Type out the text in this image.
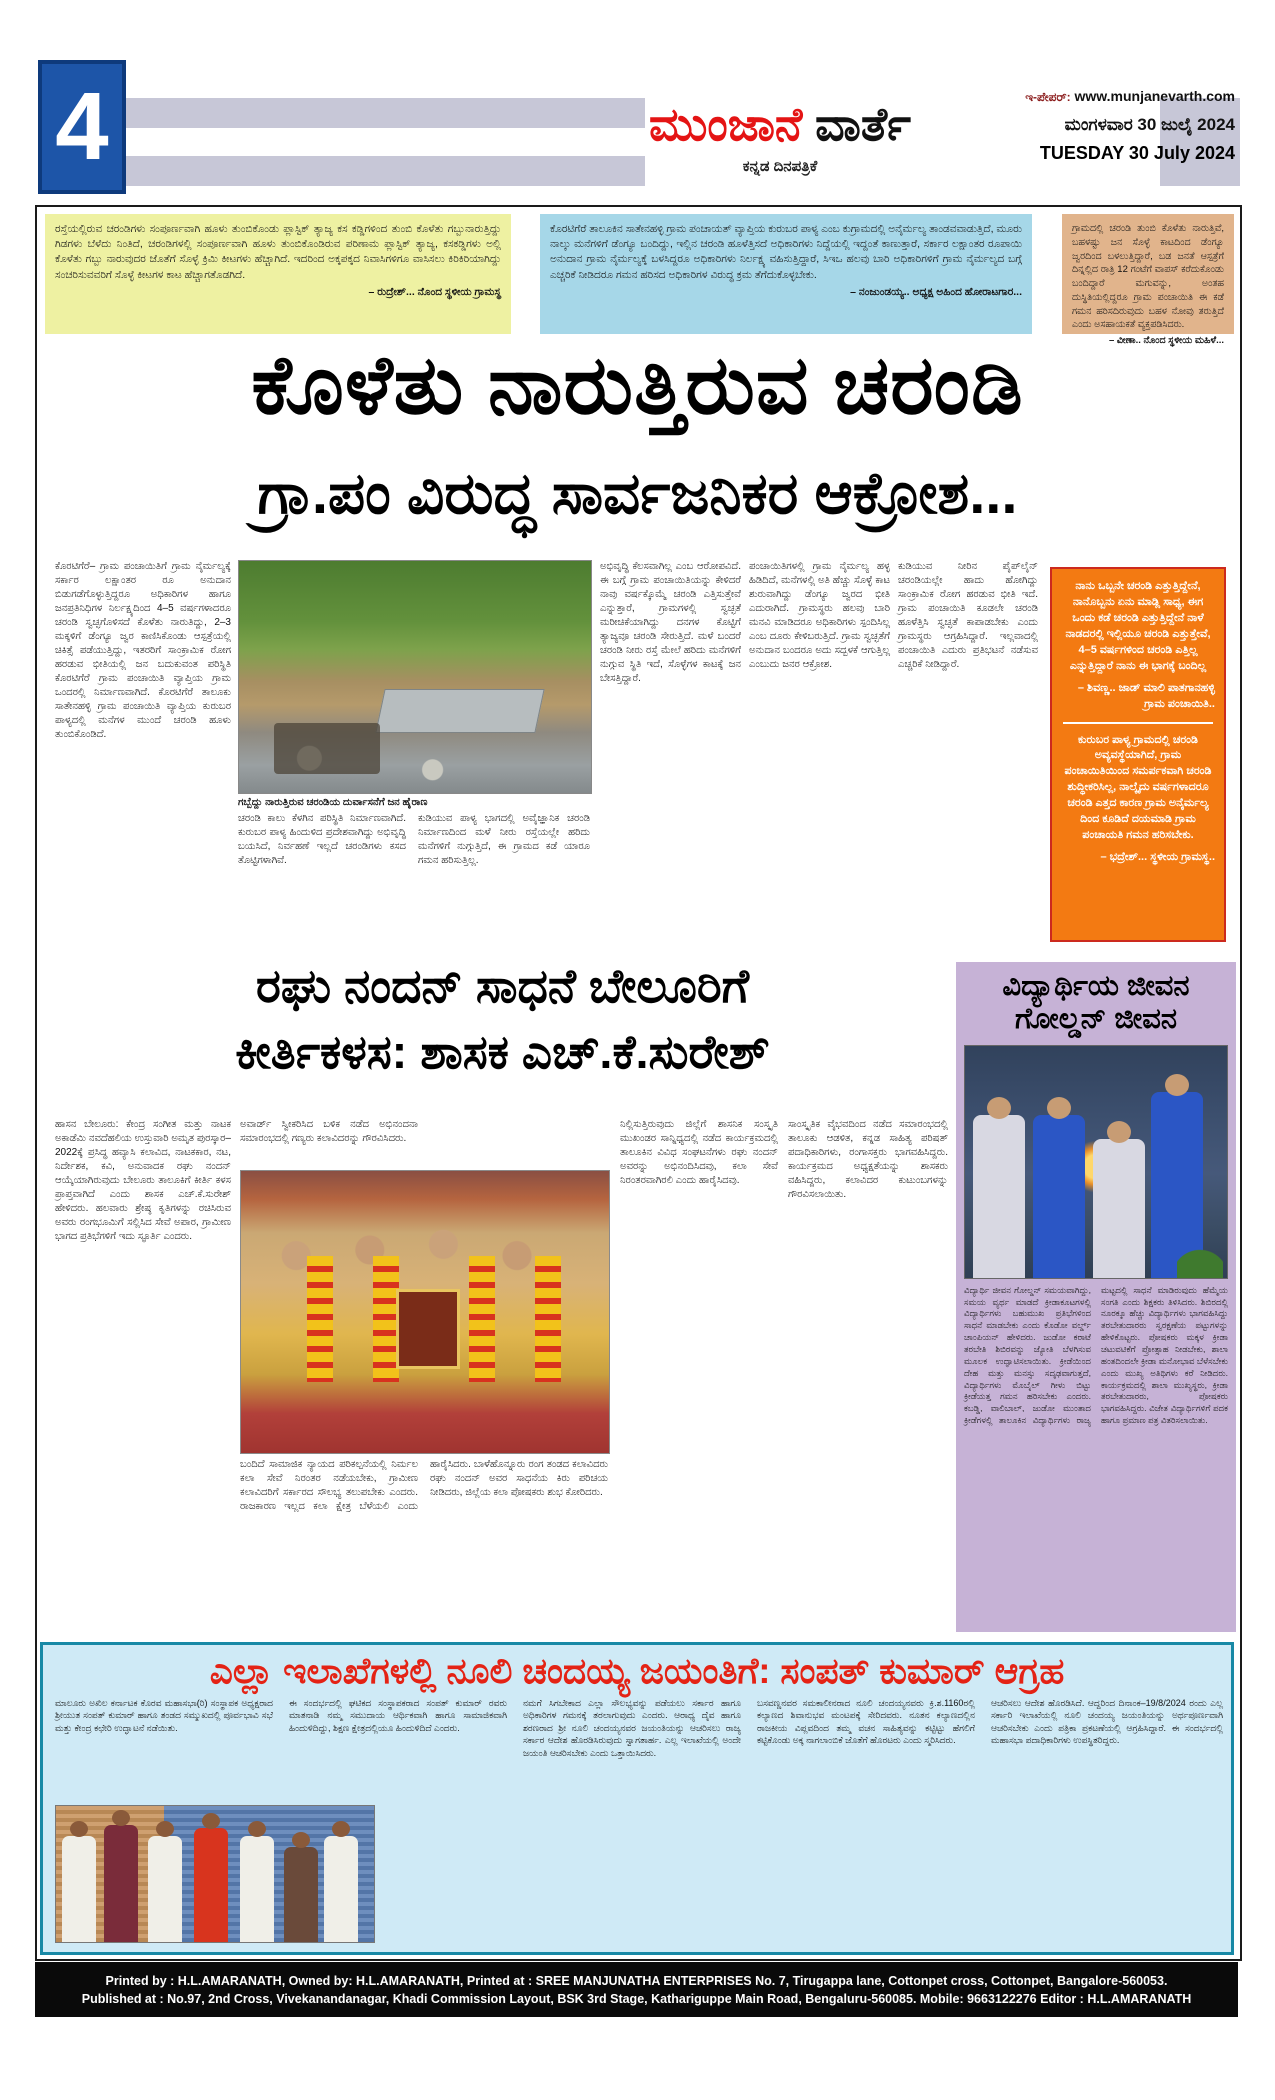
4	ಮುಂಜಾನೆ ವಾರ್ತೆ
ಕನ್ನಡ ದಿನಪತ್ರಿಕೆ
ಇ-ಪೇಪರ್: www.munjanevarth.com
ಮಂಗಳವಾರ 30 ಜುಲೈ 2024
TUESDAY 30 July 2024
ರಸ್ತೆಯಲ್ಲಿರುವ ಚರಂಡಿಗಳು ಸಂಪೂರ್ಣವಾಗಿ ಹೂಳು ತುಂಬಿಕೊಂಡು ಪ್ಲಾಸ್ಟಿಕ್ ತ್ಯಾಜ್ಯ ಕಸ ಕಡ್ಡಿಗಳಿಂದ ತುಂಬಿ ಕೊಳೆತು ಗಬ್ಬುನಾರುತ್ತಿದ್ದು ಗಿಡಗಳು ಬೆಳೆದು ನಿಂತಿದೆ, ಚರಂಡಿಗಳಲ್ಲಿ ಸಂಪೂರ್ಣವಾಗಿ ಹೂಳು ತುಂಬಿಕೊಂಡಿರುವ ಪರಿಣಾಮ ಪ್ಲಾಸ್ಟಿಕ್ ತ್ಯಾಜ್ಯ, ಕಸಕಡ್ಡಿಗಳು ಅಲ್ಲಿ ಕೊಳೆತು ಗಬ್ಬು ನಾರುವುದರ ಜೊತೆಗೆ ಸೊಳ್ಳೆ ಕ್ರಿಮಿ ಕೀಟಗಳು ಹೆಚ್ಚಾಗಿದೆ. ಇದರಿಂದ ಅಕ್ಕಪಕ್ಕದ ನಿವಾಸಿಗಳಿಗೂ ವಾಸಿಸಲು ಕಿರಿಕಿರಿಯಾಗಿದ್ದು ಸಂಚರಿಸುವವರಿಗೆ ಸೊಳ್ಳೆ ಕೀಟಗಳ ಕಾಟ ಹೆಚ್ಚಾಗತೊಡಗಿದೆ.
– ರುದ್ರೇಶ್... ನೊಂದ ಸ್ಥಳೀಯ ಗ್ರಾಮಸ್ಥ
ಕೊರಟಿಗೆರೆ ತಾಲೂಕಿನ ಸಾತೇನಹಳ್ಳಿ ಗ್ರಾಮ ಪಂಚಾಯತ್ ವ್ಯಾಪ್ತಿಯ ಕುರುಬರ ಪಾಳ್ಯ ಎಂಬ ಕುಗ್ರಾಮದಲ್ಲಿ ಅನೈರ್ಮಲ್ಯ ತಾಂಡವವಾಡುತ್ತಿದೆ, ಮೂರು ನಾಲ್ಕು ಮನೆಗಳಿಗೆ ಡೆಂಗ್ಯೂ ಬಂದಿದ್ದು, ಇಲ್ಲಿನ ಚರಂಡಿ ಹೂಳೆತ್ತಿಸದೆ ಅಧಿಕಾರಿಗಳು ನಿದ್ದೆಯಲ್ಲಿ ಇದ್ದಂತೆ ಕಾಣುತ್ತಾರೆ, ಸರ್ಕಾರ ಲಕ್ಷಾಂತರ ರೂಪಾಯಿ ಅನುದಾನ ಗ್ರಾಮ ನೈರ್ಮಲ್ಯಕ್ಕೆ ಬಳಸಿದ್ದರೂ ಅಧಿಕಾರಿಗಳು ನಿರ್ಲಕ್ಷ್ಯ ವಹಿಸುತ್ತಿದ್ದಾರೆ, ಸಿಇಒ ಹಲವು ಬಾರಿ ಅಧಿಕಾರಿಗಳಿಗೆ ಗ್ರಾಮ ನೈರ್ಮಲ್ಯದ ಬಗ್ಗೆ ಎಚ್ಚರಿಕೆ ನೀಡಿದರೂ ಗಮನ ಹರಿಸದ ಅಧಿಕಾರಿಗಳ ವಿರುದ್ಧ ಕ್ರಮ ತೆಗೆದುಕೊಳ್ಳಬೇಕು.
– ನಂಜುಂಡಯ್ಯ.. ಅಧ್ಯಕ್ಷ ಅಹಿಂದ ಹೋರಾಟಗಾರ...
ಗ್ರಾಮದಲ್ಲಿ ಚರಂಡಿ ತುಂಬಿ ಕೊಳೆತು ನಾರುತ್ತಿವೆ, ಬಹಳಷ್ಟು ಜನ ಸೊಳ್ಳೆ ಕಾಟದಿಂದ ಡೆಂಗ್ಯೂ ಜ್ವರದಿಂದ ಬಳಲುತ್ತಿದ್ದಾರೆ, ಬಡ ಜನತೆ ಆಸ್ಪತ್ರೆಗೆ ದಿನ್ನಲ್ಲಿದ ರಾತ್ರಿ 12 ಗಂಟೆಗೆ ವಾಪಸ್ ಕರೆದುಕೊಂಡು ಬಂದಿದ್ದಾರೆ ಮಗುವನ್ನು, ಅಂತಹ ದುಸ್ಥಿತಿಯಲ್ಲಿದ್ದರೂ ಗ್ರಾಮ ಪಂಚಾಯಿತಿ ಈ ಕಡೆ ಗಮನ ಹರಿಸದಿರುವುದು ಬಹಳ ನೋವು ತರುತ್ತಿದೆ ಎಂದು ಅಸಹಾಯಕತೆ ವ್ಯಕ್ತಪಡಿಸಿದರು.
– ವೀಣಾ.. ನೊಂದ ಸ್ಥಳೀಯ ಮಹಿಳೆ...
ಕೊಳೆತು ನಾರುತ್ತಿರುವ ಚರಂಡಿ
ಗ್ರಾ.ಪಂ ವಿರುದ್ಧ ಸಾರ್ವಜನಿಕರ ಆಕ್ರೋಶ...
ಕೊರಟಿಗೆರೆ– ಗ್ರಾಮ ಪಂಚಾಯಿತಿಗೆ ಗ್ರಾಮ ನೈರ್ಮಲ್ಯಕ್ಕೆ ಸರ್ಕಾರ ಲಕ್ಷಾಂತರ ರೂ ಅನುದಾನ ಬಿಡುಗಡೆಗೊಳ್ಳುತ್ತಿದ್ದರೂ ಅಧಿಕಾರಿಗಳ ಹಾಗೂ ಜನಪ್ರತಿನಿಧಿಗಳ ನಿರ್ಲಕ್ಷ್ಯದಿಂದ 4–5 ವರ್ಷಗಳಾದರೂ ಚರಂಡಿ ಸ್ವಚ್ಛಗೊಳಿಸದೆ ಕೊಳೆತು ನಾರುತಿದ್ದು, 2–3 ಮಕ್ಕಳಿಗೆ ಡೆಂಗ್ಯೂ ಜ್ವರ ಕಾಣಿಸಿಕೊಂಡು ಆಸ್ಪತ್ರೆಯಲ್ಲಿ ಚಿಕಿತ್ಸೆ ಪಡೆಯುತ್ತಿದ್ದು, ಇತರರಿಗೆ ಸಾಂಕ್ರಾಮಿಕ ರೋಗ ಹರಡುವ ಭೀತಿಯಲ್ಲಿ ಜನ ಬದುಕುವಂತ ಪರಿಸ್ಥಿತಿ ಕೊರಟಿಗೆರೆ ಗ್ರಾಮ ಪಂಚಾಯಿತಿ ವ್ಯಾಪ್ತಿಯ ಗ್ರಾಮ ಒಂದರಲ್ಲಿ ನಿರ್ಮಾಣವಾಗಿದೆ. ಕೊರಟಿಗೆರೆ ತಾಲೂಕು ಸಾತೇನಹಳ್ಳಿ ಗ್ರಾಮ ಪಂಚಾಯಿತಿ ವ್ಯಾಪ್ತಿಯ ಕುರುಬರ ಪಾಳ್ಯದಲ್ಲಿ ಮನೆಗಳ ಮುಂದೆ ಚರಂಡಿ ಹೂಳು ತುಂಬಿಕೊಂಡಿದೆ.
ಗಬ್ಬೆದ್ದು ನಾರುತ್ತಿರುವ ಚರಂಡಿಯ ದುರ್ವಾಸನೆಗೆ ಜನ ಹೈರಾಣ
ಚರಂಡಿ ಕಾಲು ಕೆಳಗಿನ ಪರಿಸ್ಥಿತಿ ನಿರ್ಮಾಣವಾಗಿದೆ. ಕುರುಬರ ಪಾಳ್ಯ ಹಿಂದುಳಿದ ಪ್ರದೇಶವಾಗಿದ್ದು ಅಭಿವೃದ್ಧಿ ಬಯಸಿದೆ, ನಿರ್ವಹಣೆ ಇಲ್ಲದೆ ಚರಂಡಿಗಳು ಕಸದ ತೊಟ್ಟಿಗಳಾಗಿವೆ.
ಕುಡಿಯುವ ಪಾಳ್ಯ ಭಾಗದಲ್ಲಿ ಅವೈಜ್ಞಾನಿಕ ಚರಂಡಿ ನಿರ್ಮಾಣದಿಂದ ಮಳೆ ನೀರು ರಸ್ತೆಯಲ್ಲೇ ಹರಿದು ಮನೆಗಳಿಗೆ ನುಗ್ಗುತ್ತಿದೆ, ಈ ಗ್ರಾಮದ ಕಡೆ ಯಾರೂ ಗಮನ ಹರಿಸುತ್ತಿಲ್ಲ.
ಅಭಿವೃದ್ಧಿ ಕೆಲಸವಾಗಿಲ್ಲ ಎಂಬ ಆರೋಪವಿದೆ. ಈ ಬಗ್ಗೆ ಗ್ರಾಮ ಪಂಚಾಯಿತಿಯನ್ನು ಕೇಳಿದರೆ ನಾವು ವರ್ಷಕ್ಕೊಮ್ಮೆ ಚರಂಡಿ ಎತ್ತಿಸುತ್ತೇವೆ ಎನ್ನುತ್ತಾರೆ, ಗ್ರಾಮಗಳಲ್ಲಿ ಸ್ವಚ್ಛತೆ ಮರೀಚಿಕೆಯಾಗಿದ್ದು ದನಗಳ ಕೊಟ್ಟಿಗೆ ತ್ಯಾಜ್ಯವೂ ಚರಂಡಿ ಸೇರುತ್ತಿದೆ. ಮಳೆ ಬಂದರೆ ಚರಂಡಿ ನೀರು ರಸ್ತೆ ಮೇಲೆ ಹರಿದು ಮನೆಗಳಿಗೆ ನುಗ್ಗುವ ಸ್ಥಿತಿ ಇದೆ, ಸೊಳ್ಳೆಗಳ ಕಾಟಕ್ಕೆ ಜನ ಬೇಸತ್ತಿದ್ದಾರೆ.
ಪಂಚಾಯಿತಿಗಳಲ್ಲಿ ಗ್ರಾಮ ನೈರ್ಮಲ್ಯ ಹಳ್ಳ ಹಿಡಿದಿದೆ, ಮನೆಗಳಲ್ಲಿ ಅತಿ ಹೆಚ್ಚು ಸೊಳ್ಳೆ ಕಾಟ ಶುರುವಾಗಿದ್ದು ಡೆಂಗ್ಯೂ ಜ್ವರದ ಭೀತಿ ಎದುರಾಗಿದೆ. ಗ್ರಾಮಸ್ಥರು ಹಲವು ಬಾರಿ ಮನವಿ ಮಾಡಿದರೂ ಅಧಿಕಾರಿಗಳು ಸ್ಪಂದಿಸಿಲ್ಲ ಎಂಬ ದೂರು ಕೇಳಿಬರುತ್ತಿದೆ. ಗ್ರಾಮ ಸ್ವಚ್ಛತೆಗೆ ಅನುದಾನ ಬಂದರೂ ಅದು ಸದ್ಬಳಕೆ ಆಗುತ್ತಿಲ್ಲ ಎಂಬುದು ಜನರ ಆಕ್ರೋಶ.
ಕುಡಿಯುವ ನೀರಿನ ಪೈಪ್‌ಲೈನ್ ಚರಂಡಿಯಲ್ಲೇ ಹಾದು ಹೋಗಿದ್ದು ಸಾಂಕ್ರಾಮಿಕ ರೋಗ ಹರಡುವ ಭೀತಿ ಇದೆ. ಗ್ರಾಮ ಪಂಚಾಯಿತಿ ಕೂಡಲೇ ಚರಂಡಿ ಹೂಳೆತ್ತಿಸಿ ಸ್ವಚ್ಛತೆ ಕಾಪಾಡಬೇಕು ಎಂದು ಗ್ರಾಮಸ್ಥರು ಆಗ್ರಹಿಸಿದ್ದಾರೆ. ಇಲ್ಲವಾದಲ್ಲಿ ಪಂಚಾಯಿತಿ ಎದುರು ಪ್ರತಿಭಟನೆ ನಡೆಸುವ ಎಚ್ಚರಿಕೆ ನೀಡಿದ್ದಾರೆ.
ನಾನು ಒಬ್ಬನೇ ಚರಂಡಿ ಎತ್ತುತ್ತಿದ್ದೇನೆ, ನಾನೊಬ್ಬನು ಏನು ಮಾಡ್ಲಿ ಸಾಧ್ಯ, ಈಗ ಒಂದು ಕಡೆ ಚರಂಡಿ ಎತ್ತುತ್ತಿದ್ದೇನೆ ನಾಳೆ ನಾಡದರಲ್ಲಿ ಇಲ್ಲಿಯೂ ಚರಂಡಿ ಎತ್ತುತ್ತೇವೆ, 4–5 ವರ್ಷಗಳಿಂದ ಚರಂಡಿ ಎತ್ತಿಲ್ಲ ಎನ್ನುತ್ತಿದ್ದಾರೆ ನಾನು ಈ ಭಾಗಕ್ಕೆ ಬಂದಿಲ್ಲ
– ಶಿವಣ್ಣ.. ಜಾಡ್ ಮಾಲಿ ಪಾತಗಾನಹಳ್ಳಿ ಗ್ರಾಮ ಪಂಚಾಯಿತಿ..
ಕುರುಬರ ಪಾಳ್ಯ ಗ್ರಾಮದಲ್ಲಿ ಚರಂಡಿ ಅವ್ಯವಸ್ಥೆಯಾಗಿದೆ, ಗ್ರಾಮ ಪಂಚಾಯಿತಿಯಿಂದ ಸಮರ್ಪಕವಾಗಿ ಚರಂಡಿ ಶುದ್ಧೀಕರಿಸಿಲ್ಲ, ನಾಲ್ಕೈದು ವರ್ಷಗಳಾದರೂ ಚರಂಡಿ ಎತ್ತದ ಕಾರಣ ಗ್ರಾಮ ಅನೈರ್ಮಲ್ಯ ದಿಂದ ಕೂಡಿದೆ ದಯಮಾಡಿ ಗ್ರಾಮ ಪಂಚಾಯತಿ ಗಮನ ಹರಿಸಬೇಕು.
– ಭದ್ರೇಶ್... ಸ್ಥಳೀಯ ಗ್ರಾಮಸ್ಥ..
ರಘು ನಂದನ್ ಸಾಧನೆ ಬೇಲೂರಿಗೆ
ಕೀರ್ತಿಕಳಸ: ಶಾಸಕ ಎಚ್.ಕೆ.ಸುರೇಶ್
ಹಾಸನ ಬೇಲೂರು: ಕೇಂದ್ರ ಸಂಗೀತ ಮತ್ತು ನಾಟಕ ಅಕಾಡೆಮಿ ನವದೆಹಲಿಯ ಉಸ್ತುವಾರಿ ಅಮೃತ ಪುರಸ್ಕಾರ–2022ಕ್ಕೆ ಪ್ರಸಿದ್ಧ ಹವ್ಯಾಸಿ ಕಲಾವಿದ, ನಾಟಕಕಾರ, ನಟ, ನಿರ್ದೇಶಕ, ಕವಿ, ಅನುವಾದಕ ರಘು ನಂದನ್ ಆಯ್ಕೆಯಾಗಿರುವುದು ಬೇಲೂರು ತಾಲೂಕಿಗೆ ಕೀರ್ತಿ ಕಳಸ ಪ್ರಾಪ್ತವಾಗಿದೆ ಎಂದು ಶಾಸಕ ಎಚ್.ಕೆ.ಸುರೇಶ್ ಹೇಳಿದರು. ಹಲವಾರು ಶ್ರೇಷ್ಠ ಕೃತಿಗಳನ್ನು ರಚಿಸಿರುವ ಅವರು ರಂಗಭೂಮಿಗೆ ಸಲ್ಲಿಸಿದ ಸೇವೆ ಅಪಾರ, ಗ್ರಾಮೀಣ ಭಾಗದ ಪ್ರತಿಭೆಗಳಿಗೆ ಇದು ಸ್ಫೂರ್ತಿ ಎಂದರು.
ಅವಾರ್ಡ್ ಸ್ವೀಕರಿಸಿದ ಬಳಿಕ ನಡೆದ ಅಭಿನಂದನಾ ಸಮಾರಂಭದಲ್ಲಿ ಗಣ್ಯರು ಕಲಾವಿದರನ್ನು ಗೌರವಿಸಿದರು.
ಬಂದಿದೆ ಸಾಮಾಜಿಕ ನ್ಯಾಯದ ಪರಿಕಲ್ಪನೆಯಲ್ಲಿ ನಿರ್ಮಲ ಕಲಾ ಸೇವೆ ನಿರಂತರ ನಡೆಯಬೇಕು, ಗ್ರಾಮೀಣ ಕಲಾವಿದರಿಗೆ ಸರ್ಕಾರದ ಸೌಲಭ್ಯ ತಲುಪಬೇಕು ಎಂದರು. ರಾಜಕಾರಣ ಇಲ್ಲದ ಕಲಾ ಕ್ಷೇತ್ರ ಬೆಳೆಯಲಿ ಎಂದು ಹಾರೈಸಿದರು. ಬಾಳೆಹೊನ್ನೂರು ರಂಗ ತಂಡದ ಕಲಾವಿದರು ರಘು ನಂದನ್ ಅವರ ಸಾಧನೆಯ ಕಿರು ಪರಿಚಯ ನೀಡಿದರು, ಜಿಲ್ಲೆಯ ಕಲಾ ಪೋಷಕರು ಶುಭ ಕೋರಿದರು.
ನಿಲ್ಲಿಸುತ್ತಿರುವುದು ಜಿಲ್ಲೆಗೆ ಶಾಸನಿಕ ಸಂಸ್ಕೃತಿ ಮುಖಂಡರ ಸಾನ್ನಿಧ್ಯದಲ್ಲಿ ನಡೆದ ಕಾರ್ಯಕ್ರಮದಲ್ಲಿ ತಾಲೂಕಿನ ವಿವಿಧ ಸಂಘಟನೆಗಳು ರಘು ನಂದನ್ ಅವರನ್ನು ಅಭಿನಂದಿಸಿದವು, ಕಲಾ ಸೇವೆ ನಿರಂತರವಾಗಿರಲಿ ಎಂದು ಹಾರೈಸಿದವು.
ಸಾಂಸ್ಕೃತಿಕ ವೈಭವದಿಂದ ನಡೆದ ಸಮಾರಂಭದಲ್ಲಿ ತಾಲೂಕು ಆಡಳಿತ, ಕನ್ನಡ ಸಾಹಿತ್ಯ ಪರಿಷತ್ ಪದಾಧಿಕಾರಿಗಳು, ರಂಗಾಸಕ್ತರು ಭಾಗವಹಿಸಿದ್ದರು. ಕಾರ್ಯಕ್ರಮದ ಅಧ್ಯಕ್ಷತೆಯನ್ನು ಶಾಸಕರು ವಹಿಸಿದ್ದರು, ಕಲಾವಿದರ ಕುಟುಂಬಗಳನ್ನು ಗೌರವಿಸಲಾಯಿತು.
ವಿದ್ಯಾರ್ಥಿಯ ಜೀವನ
ಗೋಲ್ಡನ್ ಜೀವನ
ವಿದ್ಯಾರ್ಥಿ ಜೀವನ ಗೋಲ್ಡನ್ ಸಮಯವಾಗಿದ್ದು, ಸಮಯ ವ್ಯರ್ಥ ಮಾಡದೆ ಕ್ರೀಡಾಕೂಟಗಳಲ್ಲಿ ವಿದ್ಯಾರ್ಥಿಗಳು ಬಹುಮುಖ ಪ್ರತಿಭೆಗಳಿಂದ ಸಾಧನೆ ಮಾಡಬೇಕು ಎಂದು ಕೊಡೋ ವರ್ಲ್ಡ್ ಚಾಂಪಿಯನ್ ಹೇಳಿದರು. ಜುಡೋ ಕರಾಟೆ ತರಬೇತಿ ಶಿಬಿರವನ್ನು ಜ್ಯೋತಿ ಬೆಳಗಿಸುವ ಮೂಲಕ ಉದ್ಘಾಟಿಸಲಾಯಿತು. ಕ್ರೀಡೆಯಿಂದ ದೇಹ ಮತ್ತು ಮನಸ್ಸು ಸದೃಢವಾಗುತ್ತದೆ, ವಿದ್ಯಾರ್ಥಿಗಳು ಮೊಬೈಲ್ ಗೀಳು ಬಿಟ್ಟು ಕ್ರೀಡೆಯತ್ತ ಗಮನ ಹರಿಸಬೇಕು ಎಂದರು. ಕಬಡ್ಡಿ, ವಾಲಿಬಾಲ್, ಜುಡೋ ಮುಂತಾದ ಕ್ರೀಡೆಗಳಲ್ಲಿ ತಾಲೂಕಿನ ವಿದ್ಯಾರ್ಥಿಗಳು ರಾಜ್ಯ ಮಟ್ಟದಲ್ಲಿ ಸಾಧನೆ ಮಾಡಿರುವುದು ಹೆಮ್ಮೆಯ ಸಂಗತಿ ಎಂದು ಶಿಕ್ಷಕರು ತಿಳಿಸಿದರು. ಶಿಬಿರದಲ್ಲಿ ನೂರಕ್ಕೂ ಹೆಚ್ಚು ವಿದ್ಯಾರ್ಥಿಗಳು ಭಾಗವಹಿಸಿದ್ದು ತರಬೇತುದಾರರು ಸ್ವರಕ್ಷಣೆಯ ಪಟ್ಟುಗಳನ್ನು ಹೇಳಿಕೊಟ್ಟರು. ಪೋಷಕರು ಮಕ್ಕಳ ಕ್ರೀಡಾ ಚಟುವಟಿಕೆಗೆ ಪ್ರೋತ್ಸಾಹ ನೀಡಬೇಕು, ಶಾಲಾ ಹಂತದಿಂದಲೇ ಕ್ರೀಡಾ ಮನೋಭಾವ ಬೆಳೆಸಬೇಕು ಎಂದು ಮುಖ್ಯ ಅತಿಥಿಗಳು ಕರೆ ನೀಡಿದರು. ಕಾರ್ಯಕ್ರಮದಲ್ಲಿ ಶಾಲಾ ಮುಖ್ಯಸ್ಥರು, ಕ್ರೀಡಾ ತರಬೇತುದಾರರು, ಪೋಷಕರು ಭಾಗವಹಿಸಿದ್ದರು. ವಿಜೇತ ವಿದ್ಯಾರ್ಥಿಗಳಿಗೆ ಪದಕ ಹಾಗೂ ಪ್ರಮಾಣ ಪತ್ರ ವಿತರಿಸಲಾಯಿತು.
ಎಲ್ಲಾ ಇಲಾಖೆಗಳಲ್ಲಿ ನೂಲಿ ಚಂದಯ್ಯ ಜಯಂತಿಗೆ: ಸಂಪತ್ ಕುಮಾರ್ ಆಗ್ರಹ
ಮಾಲೂರು ಅಖಿಲ ಕರ್ನಾಟಕ ಕೊರವ ಮಹಾಸಭಾ(ರಿ) ಸಂಸ್ಥಾಪಕ ಅಧ್ಯಕ್ಷರಾದ ಶ್ರೀಯುತ ಸಂಪತ್ ಕುಮಾರ್ ಹಾಗೂ ತಂಡದ ಸಮ್ಮುಖದಲ್ಲಿ ಪೂರ್ವಭಾವಿ ಸಭೆ ಮತ್ತು ಕೇಂದ್ರ ಕಛೇರಿ ಉದ್ಘಾಟನೆ ನಡೆಯಿತು.
ಈ ಸಂದರ್ಭದಲ್ಲಿ ಘಟಿಕದ ಸಂಸ್ಥಾಪಕರಾದ ಸಂಪತ್ ಕುಮಾರ್ ರವರು ಮಾತನಾಡಿ ನಮ್ಮ ಸಮುದಾಯ ಆರ್ಥಿಕವಾಗಿ ಹಾಗೂ ಸಾಮಾಜಿಕವಾಗಿ ಹಿಂದುಳಿದಿದ್ದು, ಶಿಕ್ಷಣ ಕ್ಷೇತ್ರದಲ್ಲಿಯೂ ಹಿಂದುಳಿದಿದೆ ಎಂದರು.
ನಮಗೆ ಸಿಗಬೇಕಾದ ಎಲ್ಲಾ ಸೌಲಭ್ಯವನ್ನು ಪಡೆಯಲು ಸರ್ಕಾರ ಹಾಗೂ ಅಧಿಕಾರಿಗಳ ಗಮನಕ್ಕೆ ತರಲಾಗುವುದು ಎಂದರು. ಆರಾಧ್ಯ ದೈವ ಹಾಗೂ ಶರಣರಾದ ಶ್ರೀ ನೂಲಿ ಚಂದಯ್ಯನವರ ಜಯಂತಿಯನ್ನು ಆಚರಿಸಲು ರಾಜ್ಯ ಸರ್ಕಾರ ಆದೇಶ ಹೊರಡಿಸಿರುವುದು ಸ್ವಾಗತಾರ್ಹ. ಎಲ್ಲ ಇಲಾಖೆಯಲ್ಲಿ ಅಂದೇ ಜಯಂತಿ ಆಚರಿಸಬೇಕು ಎಂದು ಒತ್ತಾಯಿಸಿದರು.
ಬಸವಣ್ಣನವರ ಸಮಕಾಲೀನರಾದ ನೂಲಿ ಚಂದಯ್ಯನವರು ಕ್ರಿ.ಶ.1160ರಲ್ಲಿ ಕಲ್ಯಾಣದ ಶಿವಾನುಭವ ಮಂಟಪಕ್ಕೆ ಸೇರಿದವರು. ನೂತನ ಕಲ್ಯಾಣದಲ್ಲಿನ ರಾಜಕೀಯ ವಿಪ್ಲವದಿಂದ ತಮ್ಮ ವಚನ ಸಾಹಿತ್ಯವನ್ನು ಕಟ್ಟಿಟ್ಟು ಹೆಗಲಿಗೆ ಕಟ್ಟಿಕೊಂಡು ಅಕ್ಕ ನಾಗಲಾಂಬಿಕೆ ಜೊತೆಗೆ ಹೊರಟರು ಎಂದು ಸ್ಮರಿಸಿದರು.
ಆಚರಿಸಲು ಆದೇಶ ಹೊರಡಿಸಿದೆ. ಆದ್ದರಿಂದ ದಿನಾಂಕ–19/8/2024 ರಂದು ಎಲ್ಲ ಸರ್ಕಾರಿ ಇಲಾಖೆಯಲ್ಲಿ ನೂಲಿ ಚಂದಯ್ಯ ಜಯಂತಿಯನ್ನು ಅರ್ಥಪೂರ್ಣವಾಗಿ ಆಚರಿಸಬೇಕು ಎಂದು ಪತ್ರಿಕಾ ಪ್ರಕಟಣೆಯಲ್ಲಿ ಆಗ್ರಹಿಸಿದ್ದಾರೆ. ಈ ಸಂದರ್ಭದಲ್ಲಿ ಮಹಾಸಭಾ ಪದಾಧಿಕಾರಿಗಳು ಉಪಸ್ಥಿತರಿದ್ದರು.
Printed by : H.L.AMARANATH, Owned by: H.L.AMARANATH, Printed at : SREE MANJUNATHA ENTERPRISES No. 7, Tirugappa lane, Cottonpet cross, Cottonpet, Bangalore-560053.
Published at : No.97, 2nd Cross, Vivekanandanagar, Khadi Commission Layout, BSK 3rd Stage, Kathariguppe Main Road, Bengaluru-560085. Mobile: 9663122276 Editor : H.L.AMARANATH
